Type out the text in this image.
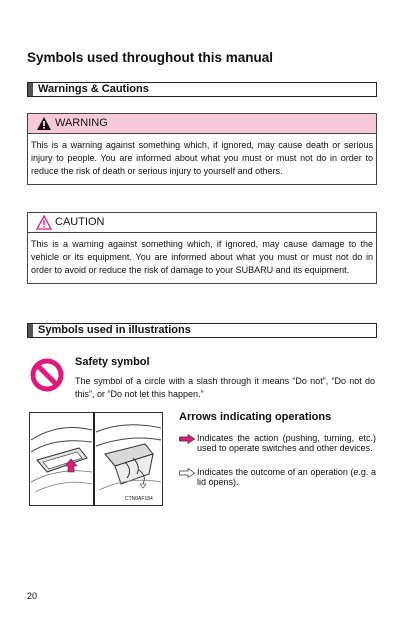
Symbols used throughout this manual
Warnings & Cautions
WARNING
This is a warning against something which, if ignored, may cause death or serious injury to people. You are informed about what you must or must not do in order to reduce the risk of death or serious injury to yourself and others.
CAUTION
This is a warning against something which, if ignored, may cause damage to the vehicle or its equipment. You are informed about what you must or must not do in order to avoid or reduce the risk of damage to your SUBARU and its equipment.
Symbols used in illustrations
Safety symbol
The symbol of a circle with a slash through it means “Do not”, “Do not do this”, or “Do not let this happen.”
CTN0AF184
Arrows indicating operations
Indicates the action (pushing, turning, etc.) used to operate switches and other devices.
Indicates the outcome of an operation (e.g. a lid opens).
20
